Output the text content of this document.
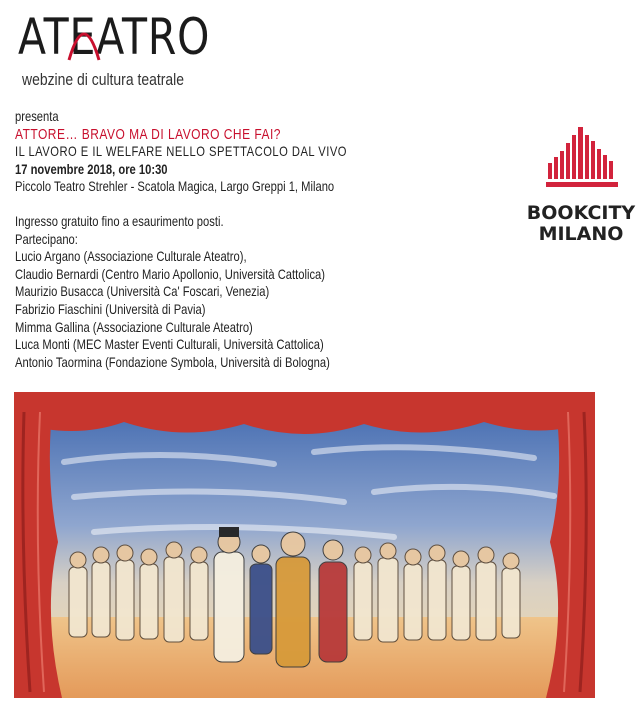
ATEATRO
webzine di cultura teatrale
presenta
ATTORE… BRAVO MA DI LAVORO CHE FAI?
IL LAVORO E IL WELFARE NELLO SPETTACOLO DAL VIVO
17 novembre 2018, ore 10:30
Piccolo Teatro Strehler - Scatola Magica, Largo Greppi 1, Milano
Ingresso gratuito fino a esaurimento posti.
Partecipano:
Lucio Argano (Associazione Culturale Ateatro),
Claudio Bernardi (Centro Mario Apollonio, Università Cattolica)
Maurizio Busacca (Università Ca' Foscari, Venezia)
Fabrizio Fiaschini (Università di Pavia)
Mimma Gallina (Associazione Culturale Ateatro)
Luca Monti (MEC Master Eventi Culturali, Università Cattolica)
Antonio Taormina (Fondazione Symbola, Università di Bologna)
BOOKCITY
MILANO
